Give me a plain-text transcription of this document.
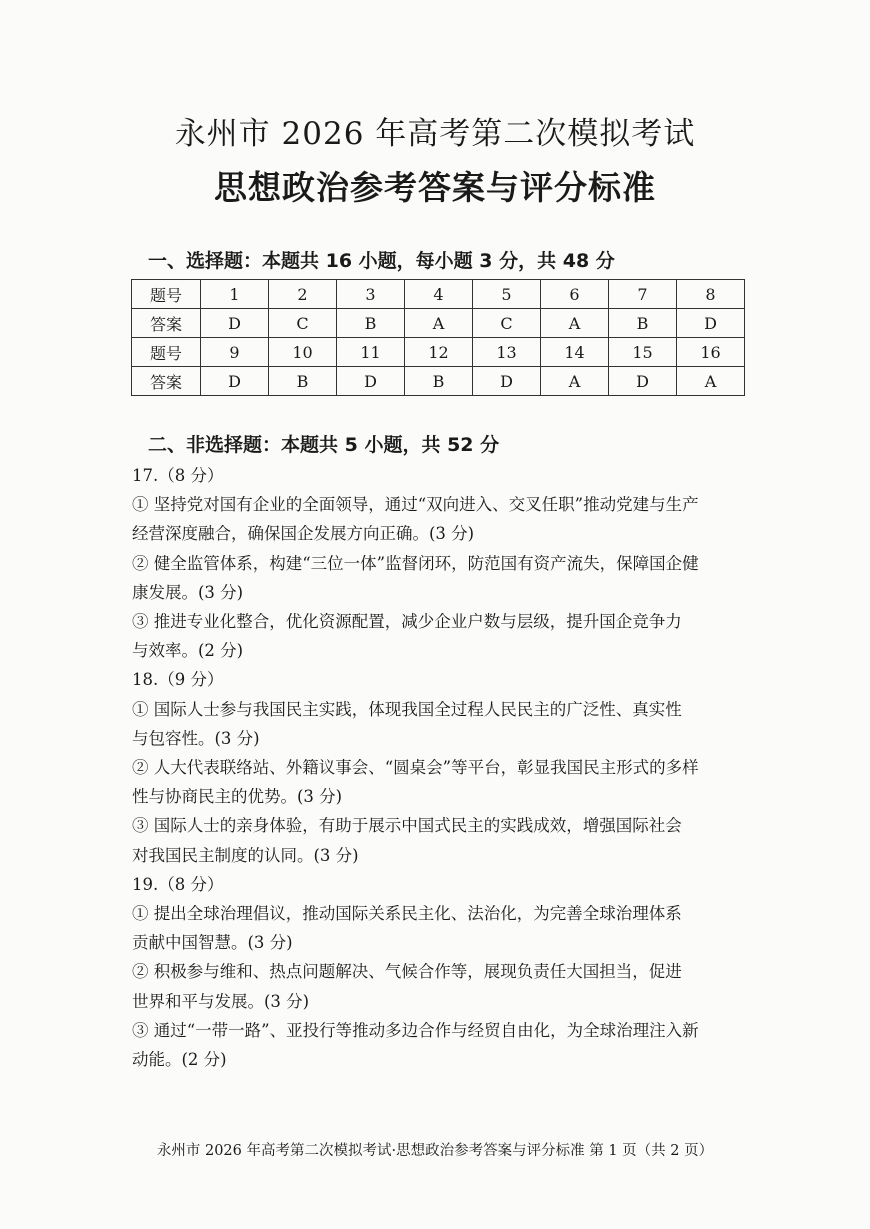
永州市 2026 年高考第二次模拟考试
思想政治参考答案与评分标准
一、选择题：本题共 16 小题，每小题 3 分，共 48 分
题号	1	2	3	4	5	6	7	8
答案	D	C	B	A	C	A	B	D
题号	9	10	11	12	13	14	15	16
答案	D	B	D	B	D	A	D	A
二、非选择题：本题共 5 小题，共 52 分

17.（8 分）

① 坚持党对国有企业的全面领导，通过“双向进入、交叉任职”推动党建与生产

经营深度融合，确保国企发展方向正确。(3 分)

② 健全监管体系，构建“三位一体”监督闭环，防范国有资产流失，保障国企健

康发展。(3 分)

③ 推进专业化整合，优化资源配置，减少企业户数与层级，提升国企竞争力

与效率。(2 分)

18.（9 分）

① 国际人士参与我国民主实践，体现我国全过程人民民主的广泛性、真实性

与包容性。(3 分)

② 人大代表联络站、外籍议事会、“圆桌会”等平台，彰显我国民主形式的多样

性与协商民主的优势。(3 分)

③ 国际人士的亲身体验，有助于展示中国式民主的实践成效，增强国际社会

对我国民主制度的认同。(3 分)

19.（8 分）

① 提出全球治理倡议，推动国际关系民主化、法治化，为完善全球治理体系

贡献中国智慧。(3 分)

② 积极参与维和、热点问题解决、气候合作等，展现负责任大国担当，促进

世界和平与发展。(3 分)

③ 通过“一带一路”、亚投行等推动多边合作与经贸自由化，为全球治理注入新

动能。(2 分)

永州市 2026 年高考第二次模拟考试·思想政治参考答案与评分标准 第 1 页（共 2 页）
